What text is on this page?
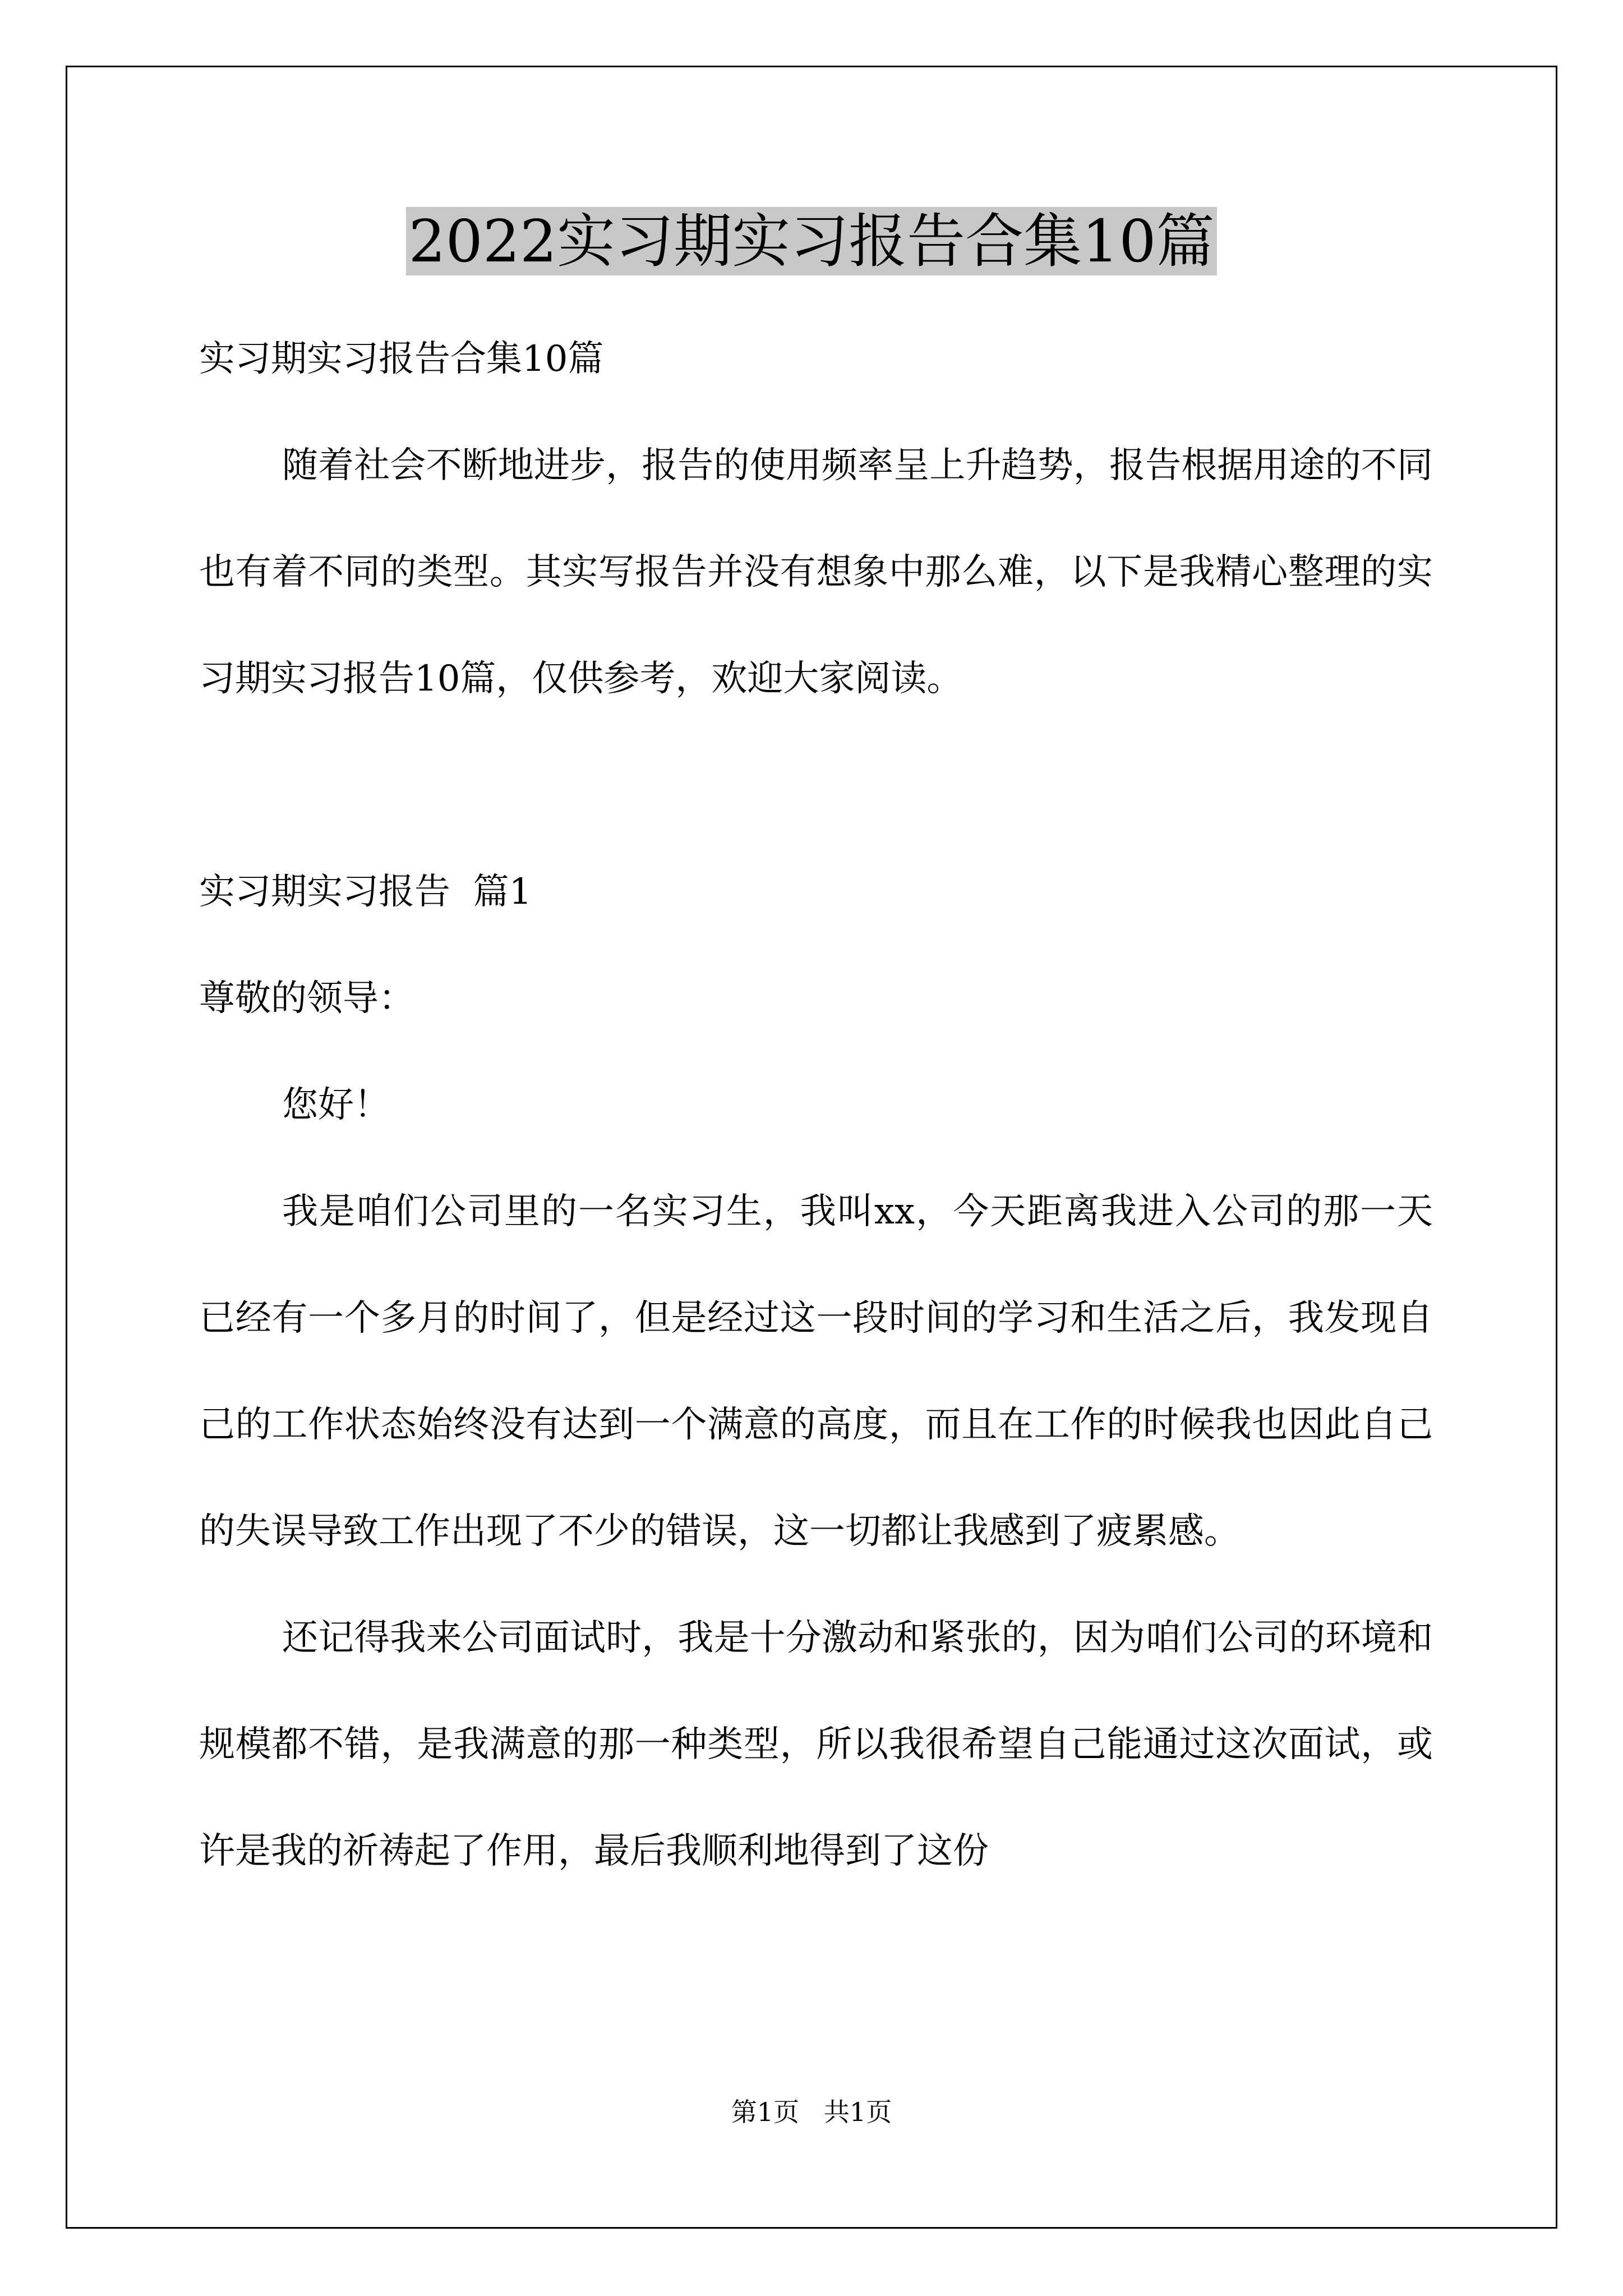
2022实习期实习报告合集10篇

实习期实习报告合集10篇

随着社会不断地进步，报告的使用频率呈上升趋势，报告根据用途的不同也有着不同的类型。其实写报告并没有想象中那么难，以下是我精心整理的实习期实习报告10篇，仅供参考，欢迎大家阅读。

实习期实习报告  篇1

尊敬的领导：

您好！

我是咱们公司里的一名实习生，我叫xx，今天距离我进入公司的那一天已经有一个多月的时间了，但是经过这一段时间的学习和生活之后，我发现自己的工作状态始终没有达到一个满意的高度，而且在工作的时候我也因此自己的失误导致工作出现了不少的错误，这一切都让我感到了疲累感。

还记得我来公司面试时，我是十分激动和紧张的，因为咱们公司的环境和规模都不错，是我满意的那一种类型，所以我很希望自己能通过这次面试，或许是我的祈祷起了作用，最后我顺利地得到了这份

第1页   共1页
